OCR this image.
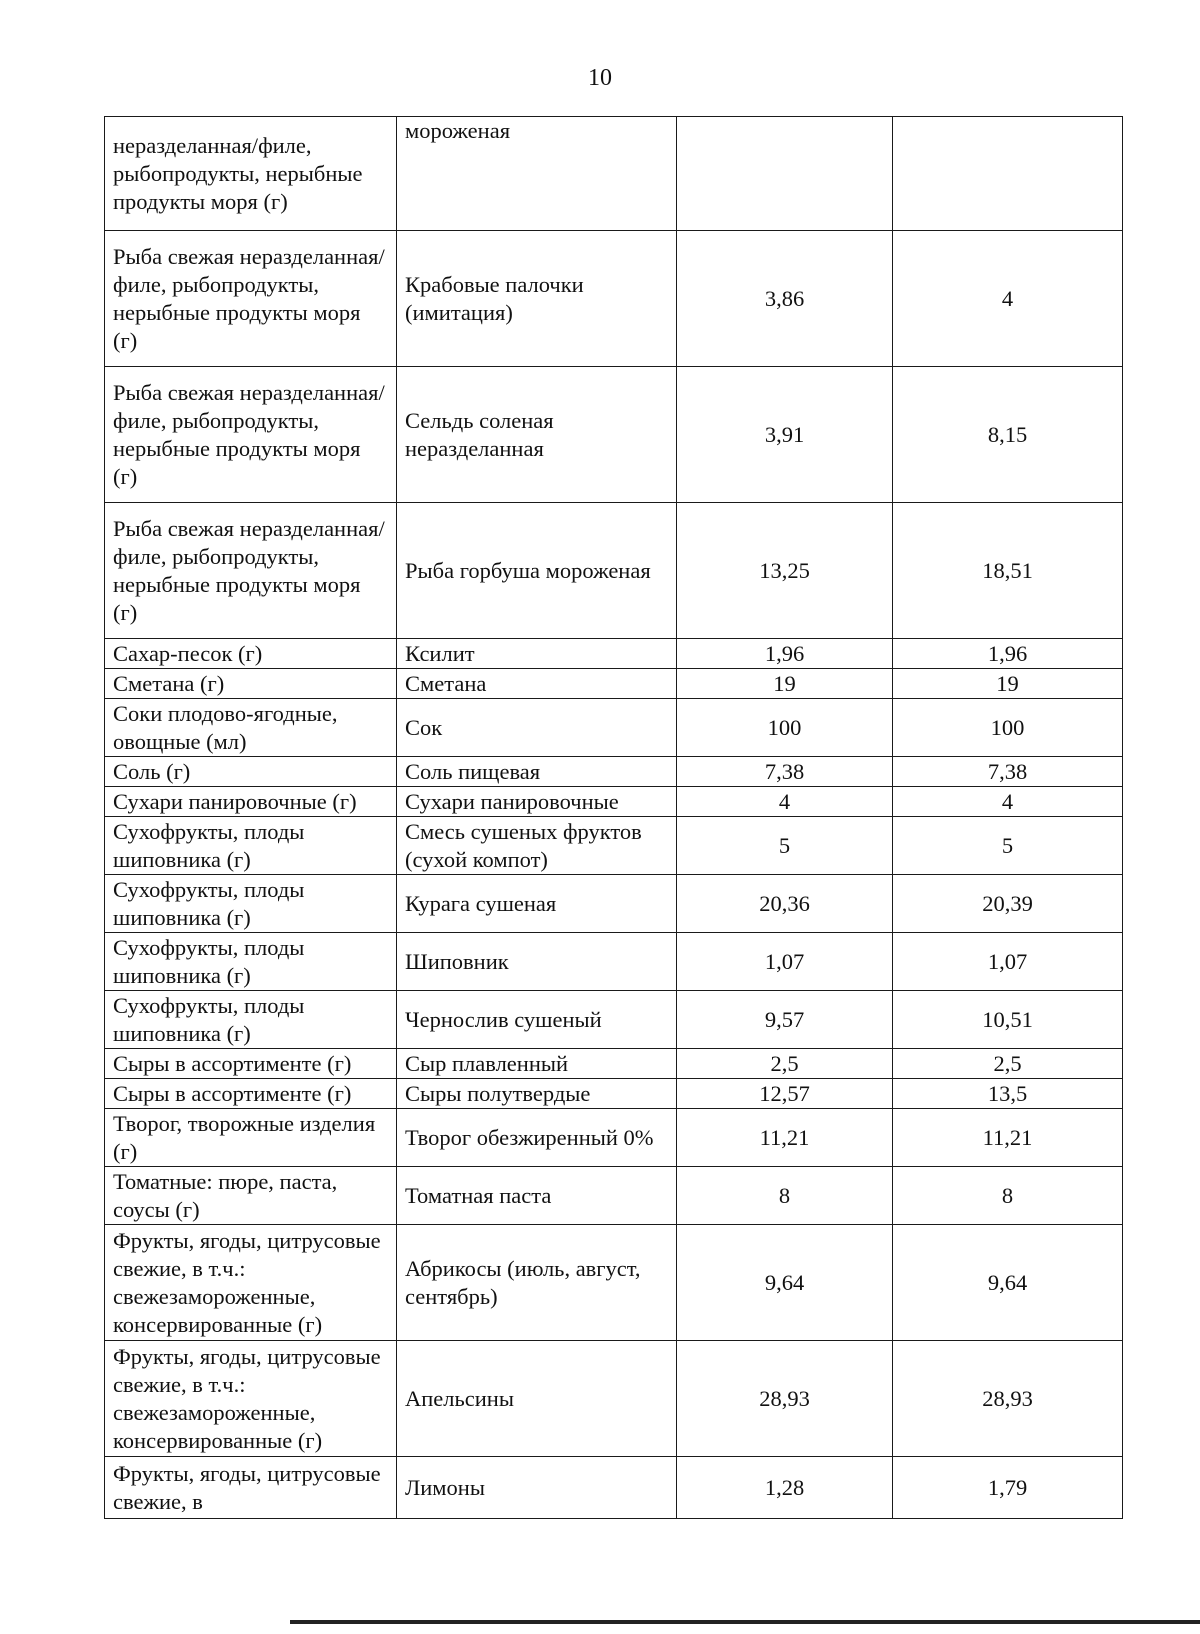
10
неразделанная/филе, рыбопродукты, нерыбные продукты моря (г)	мороженая		
Рыба свежая неразделанная/филе, рыбопродукты, нерыбные продукты моря (г)	Крабовые палочки (имитация)	3,86	4
Рыба свежая неразделанная/филе, рыбопродукты, нерыбные продукты моря (г)	Сельдь соленая неразделанная	3,91	8,15
Рыба свежая неразделанная/филе, рыбопродукты, нерыбные продукты моря (г)	Рыба горбуша мороженая	13,25	18,51
Сахар-песок (г)	Ксилит	1,96	1,96
Сметана (г)	Сметана	19	19
Соки плодово-ягодные, овощные (мл)	Сок	100	100
Соль (г)	Соль пищевая	7,38	7,38
Сухари панировочные (г)	Сухари панировочные	4	4
Сухофрукты, плоды шиповника (г)	Смесь сушеных фруктов (сухой компот)	5	5
Сухофрукты, плоды шиповника (г)	Курага сушеная	20,36	20,39
Сухофрукты, плоды шиповника (г)	Шиповник	1,07	1,07
Сухофрукты, плоды шиповника (г)	Чернослив сушеный	9,57	10,51
Сыры в ассортименте (г)	Сыр плавленный	2,5	2,5
Сыры в ассортименте (г)	Сыры полутвердые	12,57	13,5
Творог, творожные изделия (г)	Творог обезжиренный 0%	11,21	11,21
Томатные: пюре, паста, соусы (г)	Томатная паста	8	8
Фрукты, ягоды, цитрусовые свежие, в т.ч.: свежезамороженные, консервированные (г)	Абрикосы (июль, август, сентябрь)	9,64	9,64
Фрукты, ягоды, цитрусовые свежие, в т.ч.: свежезамороженные, консервированные (г)	Апельсины	28,93	28,93
Фрукты, ягоды, цитрусовые свежие, в	Лимоны	1,28	1,79
